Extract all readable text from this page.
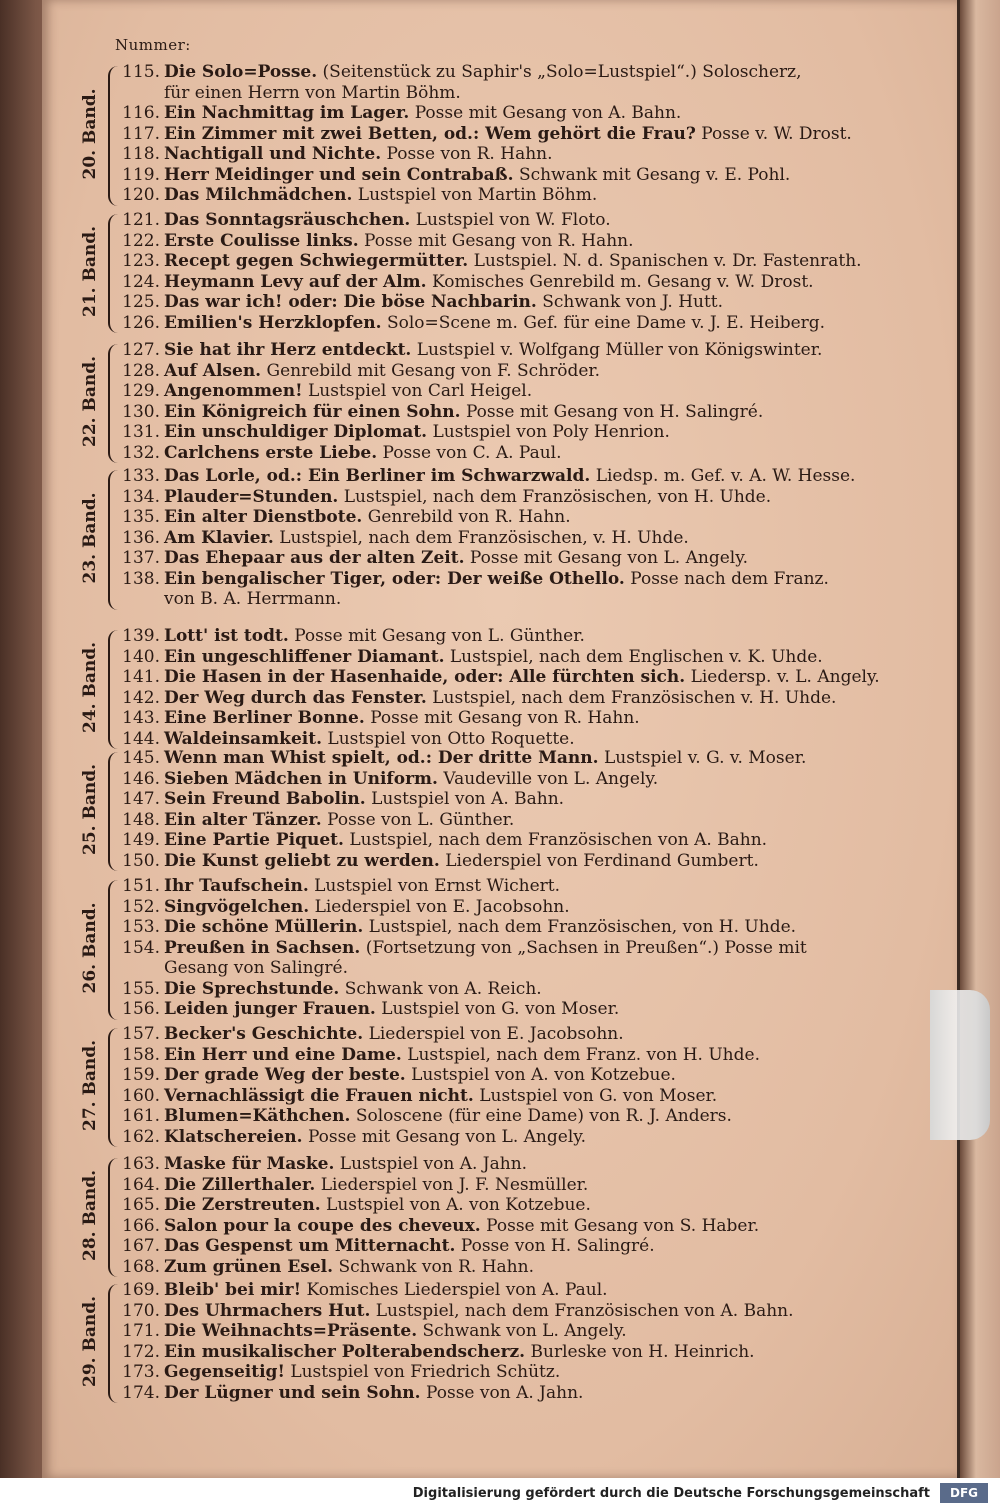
Nummer:
20. Band.
115. Die Solo=Posse. (Seitenstück zu Saphir's „Solo=Lustspiel“.) Soloscherz,
für einen Herrn von Martin Böhm.
116. Ein Nachmittag im Lager. Posse mit Gesang von A. Bahn.
117. Ein Zimmer mit zwei Betten, od.: Wem gehört die Frau? Posse v. W. Drost.
118. Nachtigall und Nichte. Posse von R. Hahn.
119. Herr Meidinger und sein Contrabaß. Schwank mit Gesang v. E. Pohl.
120. Das Milchmädchen. Lustspiel von Martin Böhm.
21. Band.
121. Das Sonntagsräuschchen. Lustspiel von W. Floto.
122. Erste Coulisse links. Posse mit Gesang von R. Hahn.
123. Recept gegen Schwiegermütter. Lustspiel. N. d. Spanischen v. Dr. Fastenrath.
124. Heymann Levy auf der Alm. Komisches Genrebild m. Gesang v. W. Drost.
125. Das war ich! oder: Die böse Nachbarin. Schwank von J. Hutt.
126. Emilien's Herzklopfen. Solo=Scene m. Gef. für eine Dame v. J. E. Heiberg.
22. Band.
127. Sie hat ihr Herz entdeckt. Lustspiel v. Wolfgang Müller von Königswinter.
128. Auf Alsen. Genrebild mit Gesang von F. Schröder.
129. Angenommen! Lustspiel von Carl Heigel.
130. Ein Königreich für einen Sohn. Posse mit Gesang von H. Salingré.
131. Ein unschuldiger Diplomat. Lustspiel von Poly Henrion.
132. Carlchens erste Liebe. Posse von C. A. Paul.
23. Band.
133. Das Lorle, od.: Ein Berliner im Schwarzwald. Liedsp. m. Gef. v. A. W. Hesse.
134. Plauder=Stunden. Lustspiel, nach dem Französischen, von H. Uhde.
135. Ein alter Dienstbote. Genrebild von R. Hahn.
136. Am Klavier. Lustspiel, nach dem Französischen, v. H. Uhde.
137. Das Ehepaar aus der alten Zeit. Posse mit Gesang von L. Angely.
138. Ein bengalischer Tiger, oder: Der weiße Othello. Posse nach dem Franz.
von B. A. Herrmann.
24. Band.
139. Lott' ist todt. Posse mit Gesang von L. Günther.
140. Ein ungeschliffener Diamant. Lustspiel, nach dem Englischen v. K. Uhde.
141. Die Hasen in der Hasenhaide, oder: Alle fürchten sich. Liedersp. v. L. Angely.
142. Der Weg durch das Fenster. Lustspiel, nach dem Französischen v. H. Uhde.
143. Eine Berliner Bonne. Posse mit Gesang von R. Hahn.
144. Waldeinsamkeit. Lustspiel von Otto Roquette.
25. Band.
145. Wenn man Whist spielt, od.: Der dritte Mann. Lustspiel v. G. v. Moser.
146. Sieben Mädchen in Uniform. Vaudeville von L. Angely.
147. Sein Freund Babolin. Lustspiel von A. Bahn.
148. Ein alter Tänzer. Posse von L. Günther.
149. Eine Partie Piquet. Lustspiel, nach dem Französischen von A. Bahn.
150. Die Kunst geliebt zu werden. Liederspiel von Ferdinand Gumbert.
26. Band.
151. Ihr Taufschein. Lustspiel von Ernst Wichert.
152. Singvögelchen. Liederspiel von E. Jacobsohn.
153. Die schöne Müllerin. Lustspiel, nach dem Französischen, von H. Uhde.
154. Preußen in Sachsen. (Fortsetzung von „Sachsen in Preußen“.) Posse mit
Gesang von Salingré.
155. Die Sprechstunde. Schwank von A. Reich.
156. Leiden junger Frauen. Lustspiel von G. von Moser.
27. Band.
157. Becker's Geschichte. Liederspiel von E. Jacobsohn.
158. Ein Herr und eine Dame. Lustspiel, nach dem Franz. von H. Uhde.
159. Der grade Weg der beste. Lustspiel von A. von Kotzebue.
160. Vernachlässigt die Frauen nicht. Lustspiel von G. von Moser.
161. Blumen=Käthchen. Soloscene (für eine Dame) von R. J. Anders.
162. Klatschereien. Posse mit Gesang von L. Angely.
28. Band.
163. Maske für Maske. Lustspiel von A. Jahn.
164. Die Zillerthaler. Liederspiel von J. F. Nesmüller.
165. Die Zerstreuten. Lustspiel von A. von Kotzebue.
166. Salon pour la coupe des cheveux. Posse mit Gesang von S. Haber.
167. Das Gespenst um Mitternacht. Posse von H. Salingré.
168. Zum grünen Esel. Schwank von R. Hahn.
29. Band.
169. Bleib' bei mir! Komisches Liederspiel von A. Paul.
170. Des Uhrmachers Hut. Lustspiel, nach dem Französischen von A. Bahn.
171. Die Weihnachts=Präsente. Schwank von L. Angely.
172. Ein musikalischer Polterabendscherz. Burleske von H. Heinrich.
173. Gegenseitig! Lustspiel von Friedrich Schütz.
174. Der Lügner und sein Sohn. Posse von A. Jahn.
Digitalisierung gefördert durch die Deutsche Forschungsgemeinschaft	DFG
